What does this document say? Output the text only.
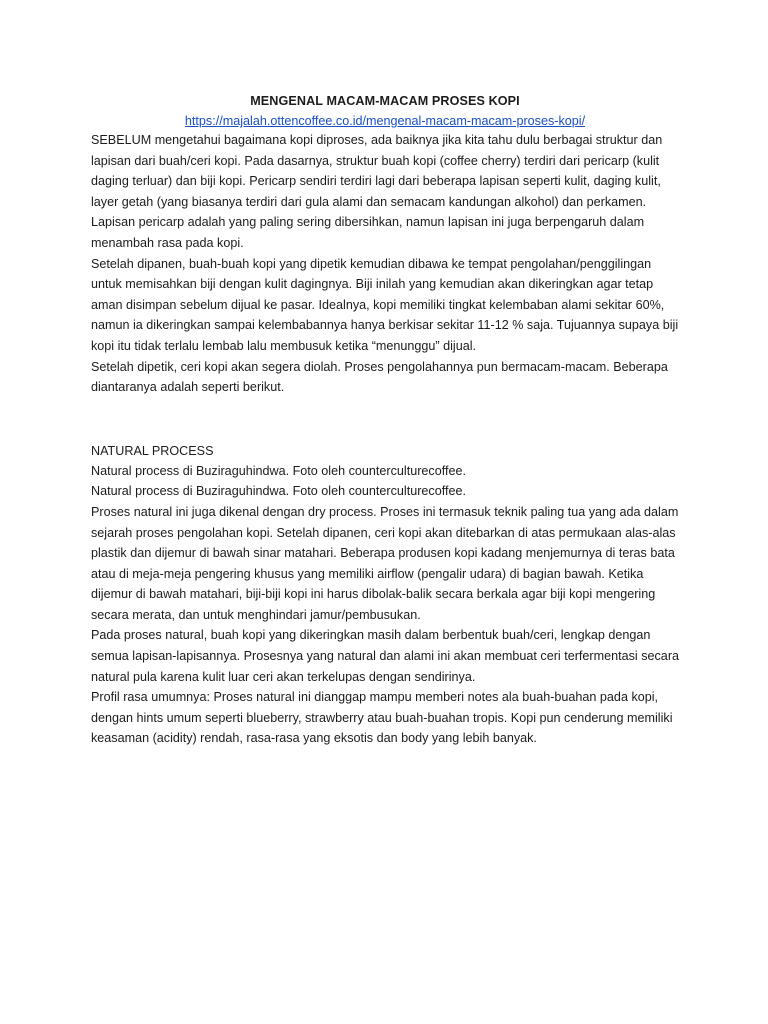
MENGENAL MACAM-MACAM PROSES KOPI
https://majalah.ottencoffee.co.id/mengenal-macam-macam-proses-kopi/

SEBELUM mengetahui bagaimana kopi diproses, ada baiknya jika kita tahu dulu berbagai struktur dan lapisan dari buah/ceri kopi. Pada dasarnya, struktur buah kopi (coffee cherry) terdiri dari pericarp (kulit daging terluar) dan biji kopi. Pericarp sendiri terdiri lagi dari beberapa lapisan seperti kulit, daging kulit, layer getah (yang biasanya terdiri dari gula alami dan semacam kandungan alkohol) dan perkamen. Lapisan pericarp adalah yang paling sering dibersihkan, namun lapisan ini juga berpengaruh dalam menambah rasa pada kopi.

Setelah dipanen, buah-buah kopi yang dipetik kemudian dibawa ke tempat pengolahan/penggilingan untuk memisahkan biji dengan kulit dagingnya. Biji inilah yang kemudian akan dikeringkan agar tetap aman disimpan sebelum dijual ke pasar. Idealnya, kopi memiliki tingkat kelembaban alami sekitar 60%, namun ia dikeringkan sampai kelembabannya hanya berkisar sekitar 11-12 % saja. Tujuannya supaya biji kopi itu tidak terlalu lembab lalu membusuk ketika “menunggu” dijual.

Setelah dipetik, ceri kopi akan segera diolah. Proses pengolahannya pun bermacam-macam. Beberapa diantaranya adalah seperti berikut.

NATURAL PROCESS

Natural process di Buziraguhindwa. Foto oleh counterculturecoffee.

Natural process di Buziraguhindwa. Foto oleh counterculturecoffee.

Proses natural ini juga dikenal dengan dry process. Proses ini termasuk teknik paling tua yang ada dalam sejarah proses pengolahan kopi. Setelah dipanen, ceri kopi akan ditebarkan di atas permukaan alas-alas plastik dan dijemur di bawah sinar matahari. Beberapa produsen kopi kadang menjemurnya di teras bata atau di meja-meja pengering khusus yang memiliki airflow (pengalir udara) di bagian bawah. Ketika dijemur di bawah matahari, biji-biji kopi ini harus dibolak-balik secara berkala agar biji kopi mengering secara merata, dan untuk menghindari jamur/pembusukan.

Pada proses natural, buah kopi yang dikeringkan masih dalam berbentuk buah/ceri, lengkap dengan semua lapisan-lapisannya. Prosesnya yang natural dan alami ini akan membuat ceri terfermentasi secara natural pula karena kulit luar ceri akan terkelupas dengan sendirinya.

Profil rasa umumnya: Proses natural ini dianggap mampu memberi notes ala buah-buahan pada kopi, dengan hints umum seperti blueberry, strawberry atau buah-buahan tropis. Kopi pun cenderung memiliki keasaman (acidity) rendah, rasa-rasa yang eksotis dan body yang lebih banyak.
